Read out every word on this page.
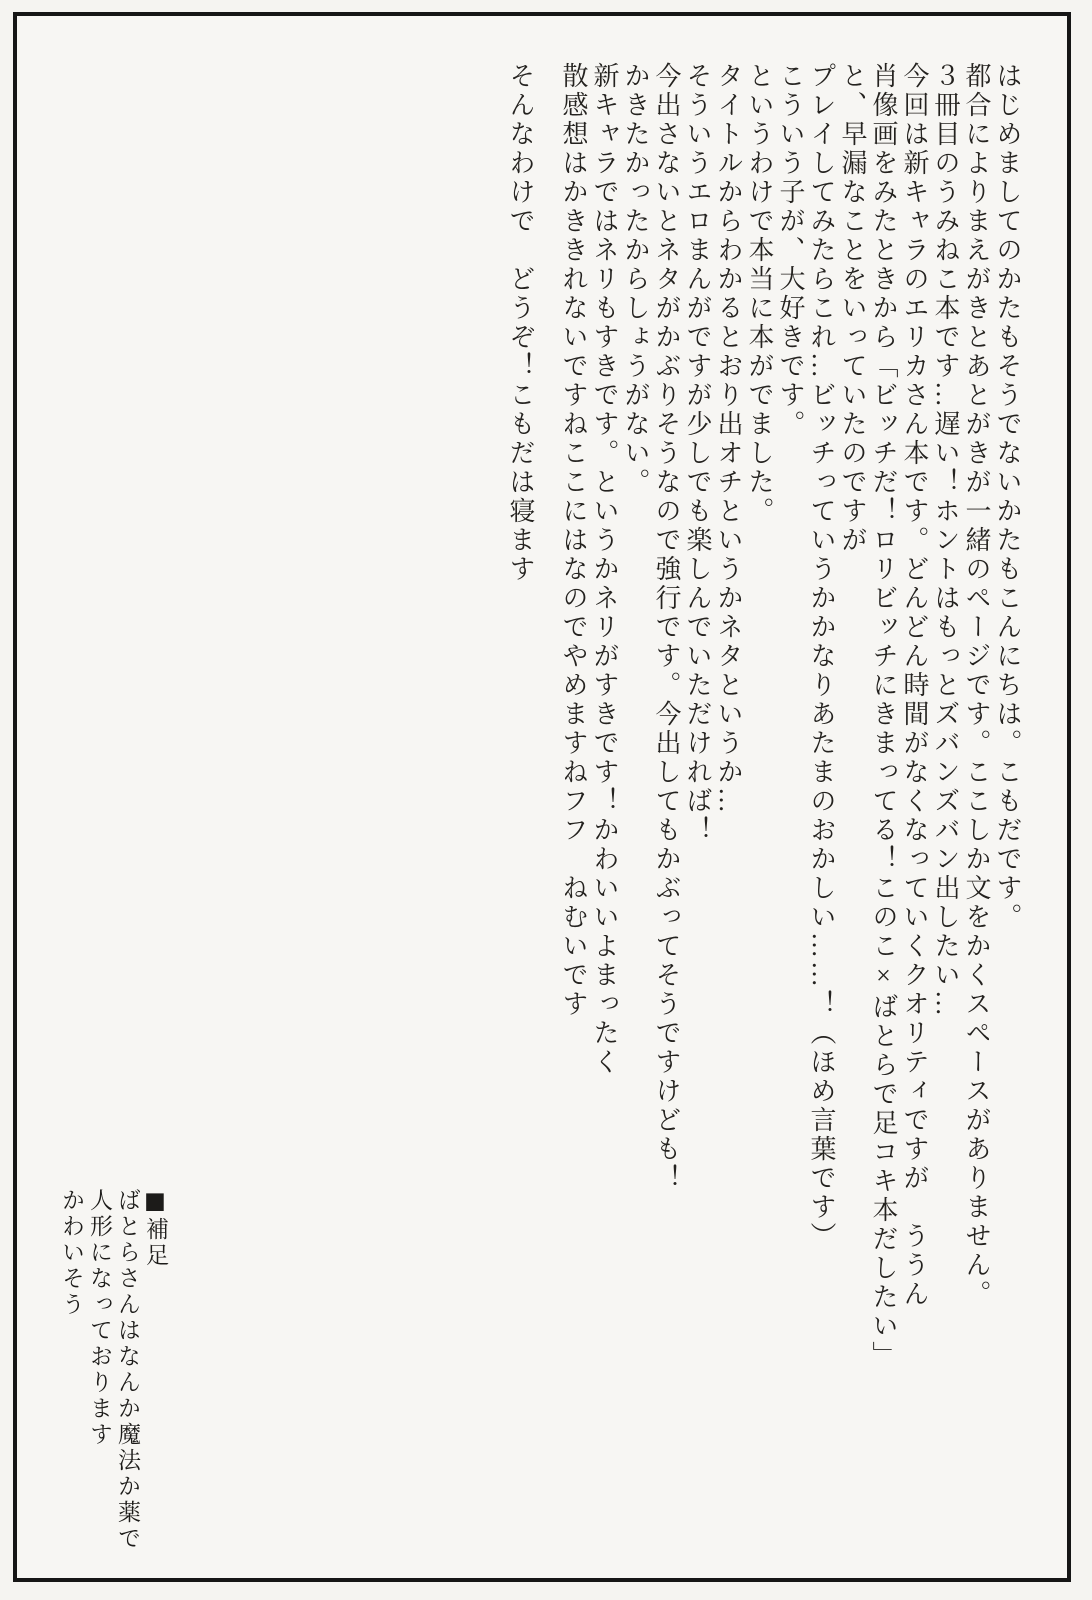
はじめましてのかたもそうでないかたもこんにちは。こもだです。

都合によりまえがきとあとがきが一緒のページです。ここしか文をかくスペースがありません。

３冊目のうみねこ本です…遅い！ホントはもっとズバンズバン出したい…

今回は新キャラのエリカさん本です。どんどん時間がなくなっていくクオリティですが　ううん

肖像画をみたときから「ビッチだ！ロリビッチにきまってる！このこ×ばとらで足コキ本だしたい」

と、早漏なことをいっていたのですが

プレイしてみたらこれ…ビッチっていうかかなりあたまのおかしい……！（ほめ言葉です）

こういう子が、大好きです。

というわけで本当に本がでました。

タイトルからわかるとおり出オチというかネタというか…

そういうエロまんがですが少しでも楽しんでいただければ！

今出さないとネタがかぶりそうなので強行です。今出してもかぶってそうですけども！

かきたかったからしょうがない。

新キャラではネリもすきです。というかネリがすきです！かわいいよまったく

散感想はかききれないですねここにはなのでやめますねフフ　ねむいです

そんなわけで　どうぞ！こもだは寝ます

■補足

ばとらさんはなんか魔法か薬で

人形になっております

かわいそう
